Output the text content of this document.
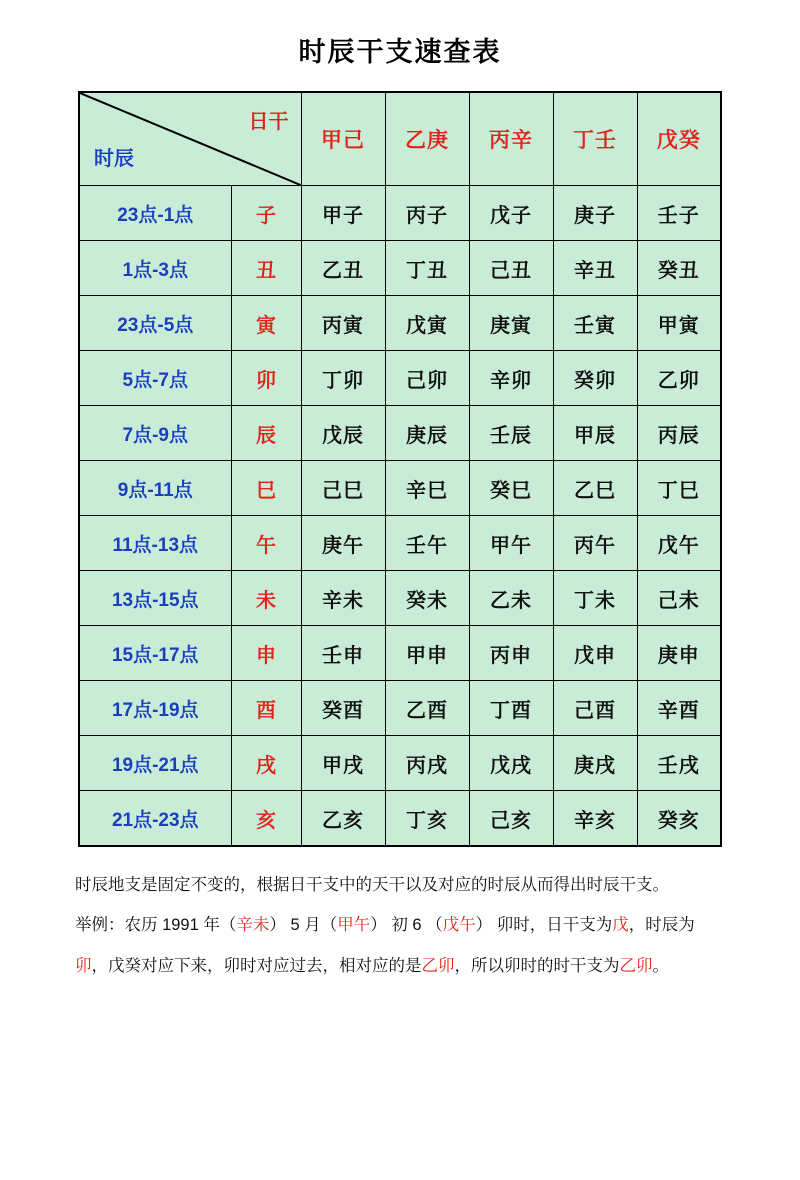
时辰干支速查表
日干
时辰		甲己	乙庚	丙辛	丁壬	戊癸
23点-1点	子	甲子	丙子	戊子	庚子	壬子
1点-3点	丑	乙丑	丁丑	己丑	辛丑	癸丑
23点-5点	寅	丙寅	戊寅	庚寅	壬寅	甲寅
5点-7点	卯	丁卯	己卯	辛卯	癸卯	乙卯
7点-9点	辰	戊辰	庚辰	壬辰	甲辰	丙辰
9点-11点	巳	己巳	辛巳	癸巳	乙巳	丁巳
11点-13点	午	庚午	壬午	甲午	丙午	戊午
13点-15点	未	辛未	癸未	乙未	丁未	己未
15点-17点	申	壬申	甲申	丙申	戊申	庚申
17点-19点	酉	癸酉	乙酉	丁酉	己酉	辛酉
19点-21点	戌	甲戌	丙戌	戊戌	庚戌	壬戌
21点-23点	亥	乙亥	丁亥	己亥	辛亥	癸亥

时辰地支是固定不变的，根据日干支中的天干以及对应的时辰从而得出时辰干支。

举例：农历 1991 年（辛未） 5 月（甲午） 初 6 （戊午） 卯时，日干支为戊，时辰为卯，戊癸对应下来，卯时对应过去，相对应的是乙卯，所以卯时的时干支为乙卯。
